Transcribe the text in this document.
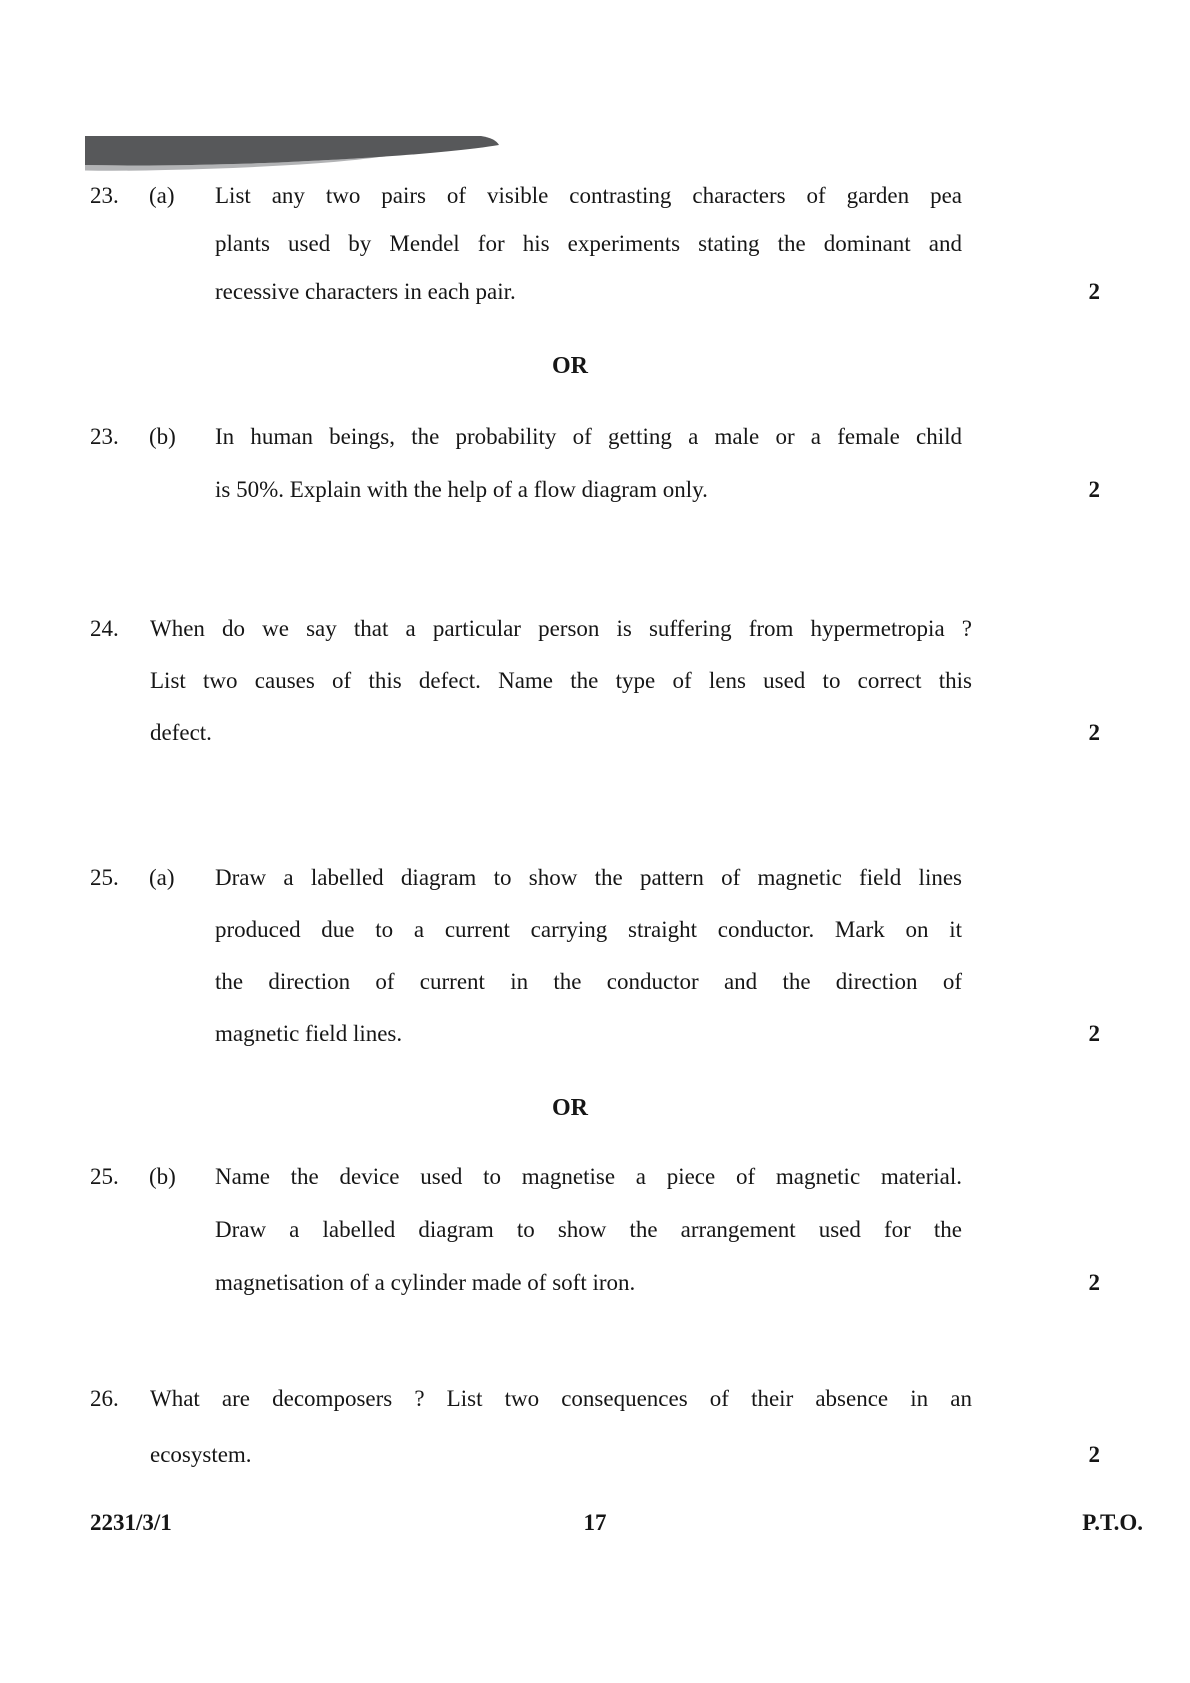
23.	(a)	List any two pairs of visible contrasting characters of garden pea
plants used by Mendel for his experiments stating the dominant and
recessive characters in each pair.	2
OR
23.	(b)	In human beings, the probability of getting a male or a female child
is 50%. Explain with the help of a flow diagram only.	2
24.	When do we say that a particular person is suffering from hypermetropia ?
List two causes of this defect. Name the type of lens used to correct this
defect.	2
25.	(a)	Draw a labelled diagram to show the pattern of magnetic field lines
produced due to a current carrying straight conductor. Mark on it
the direction of current in the conductor and the direction of
magnetic field lines.	2
OR
25.	(b)	Name the device used to magnetise a piece of magnetic material.
Draw a labelled diagram to show the arrangement used for the
magnetisation of a cylinder made of soft iron.	2
26.	What are decomposers ? List two consequences of their absence in an
ecosystem.	2
2231/3/1	17	P.T.O.
